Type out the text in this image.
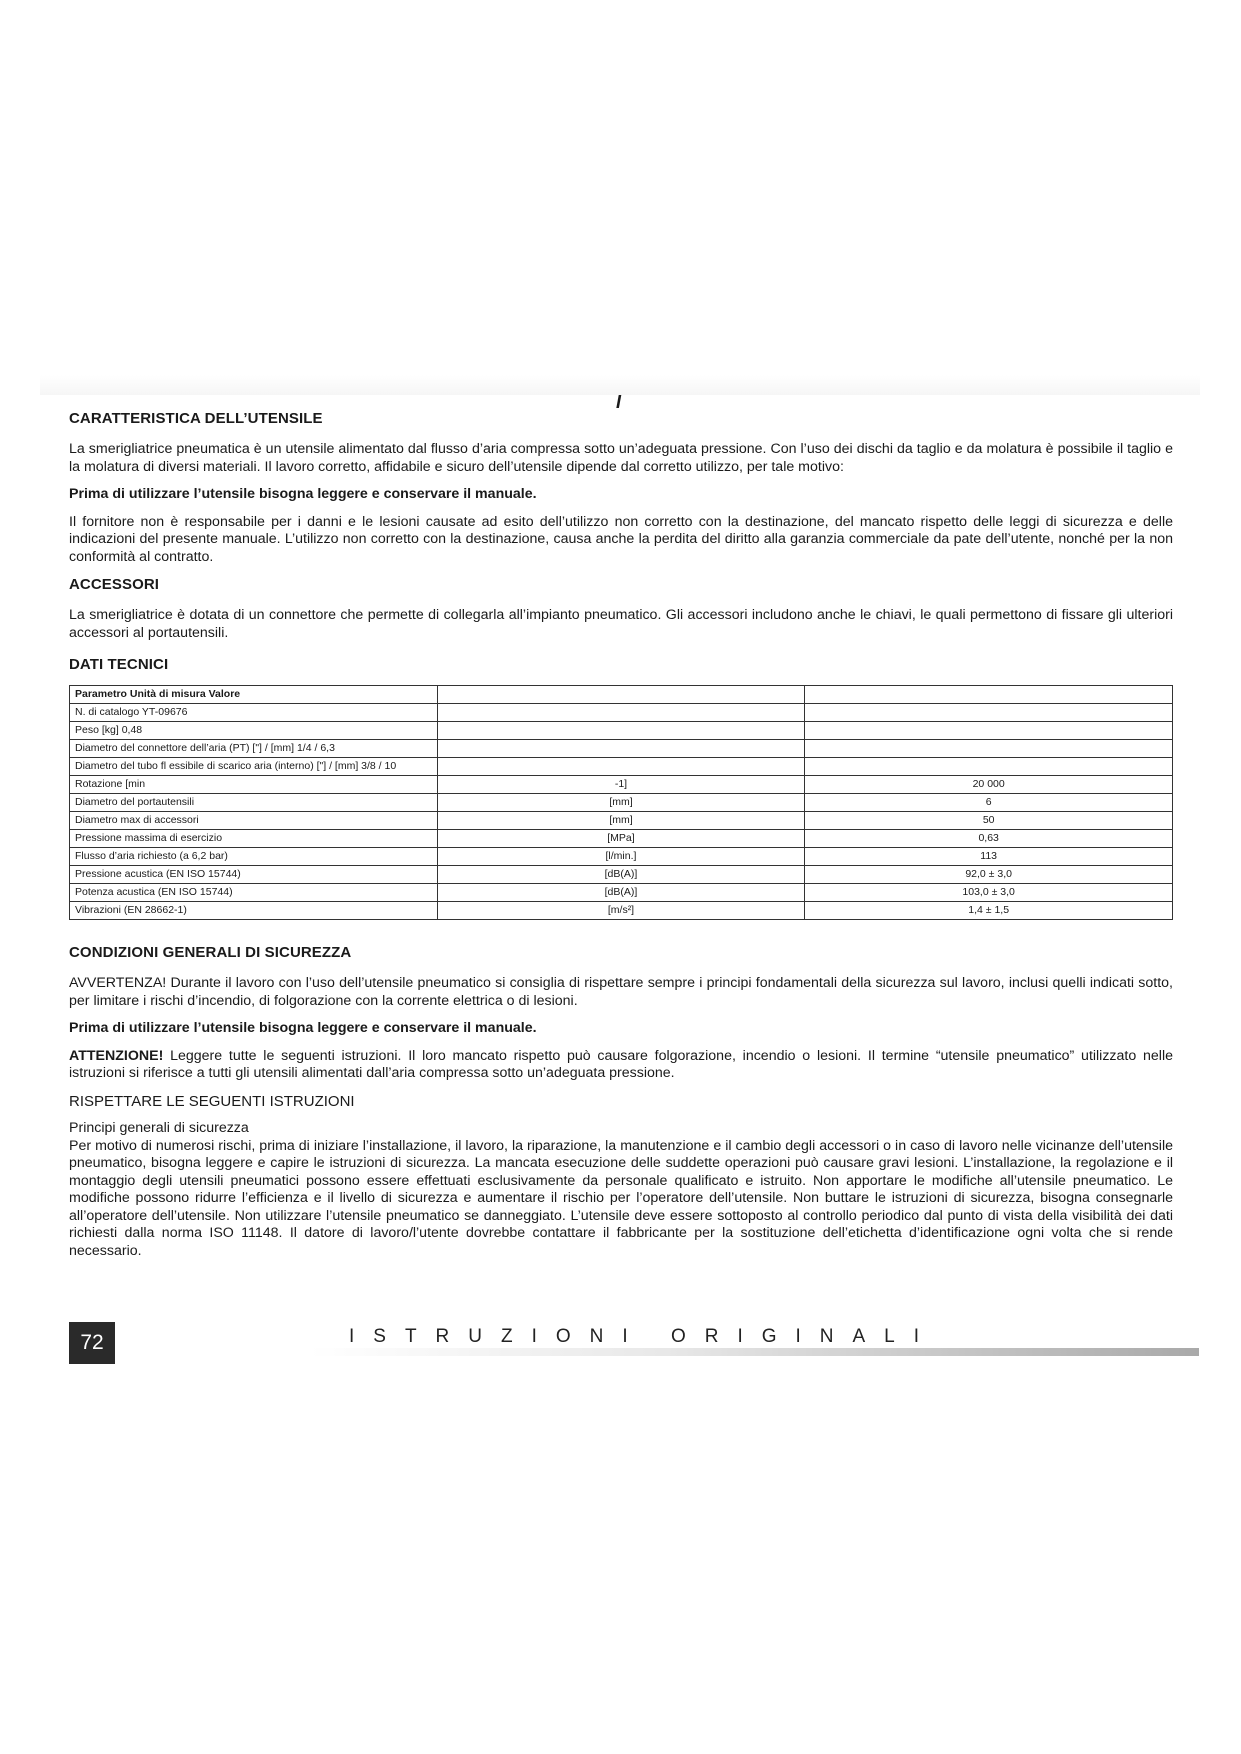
I
CARATTERISTICA DELL’UTENSILE

La smerigliatrice pneumatica è un utensile alimentato dal flusso d’aria compressa sotto un’adeguata pressione. Con l’uso dei dischi da taglio e da molatura è possibile il taglio e la molatura di diversi materiali. Il lavoro corretto, affidabile e sicuro dell’utensile dipende dal corretto utilizzo, per tale motivo:

Prima di utilizzare l’utensile bisogna leggere e conservare il manuale.

Il fornitore non è responsabile per i danni e le lesioni causate ad esito dell’utilizzo non corretto con la destinazione, del mancato rispetto delle leggi di sicurezza e delle indicazioni del presente manuale. L’utilizzo non corretto con la destinazione, causa anche la perdita del diritto alla garanzia commerciale da pate dell’utente, nonché per la non conformità al contratto.

ACCESSORI

La smerigliatrice è dotata di un connettore che permette di collegarla all’impianto pneumatico. Gli accessori includono anche le chiavi, le quali permettono di fissare gli ulteriori accessori al portautensili.

DATI TECNICI
Parametro Unità di misura Valore		
N. di catalogo YT-09676		
Peso [kg] 0,48		
Diametro del connettore dell’aria (PT) ["] / [mm] 1/4 / 6,3		
Diametro del tubo fl essibile di scarico aria (interno) ["] / [mm] 3/8 / 10		
Rotazione [min	-1]	20 000
Diametro del portautensili	[mm]	6
Diametro max di accessori	[mm]	50
Pressione massima di esercizio	[MPa]	0,63
Flusso d’aria richiesto (a 6,2 bar)	[l/min.]	113
Pressione acustica (EN ISO 15744)	[dB(A)]	92,0 ± 3,0
Potenza acustica (EN ISO 15744)	[dB(A)]	103,0 ± 3,0
Vibrazioni (EN 28662-1)	[m/s²]	1,4 ± 1,5
CONDIZIONI GENERALI DI SICUREZZA

AVVERTENZA! Durante il lavoro con l’uso dell’utensile pneumatico si consiglia di rispettare sempre i principi fondamentali della sicurezza sul lavoro, inclusi quelli indicati sotto, per limitare i rischi d’incendio, di folgorazione con la corrente elettrica o di lesioni.

Prima di utilizzare l’utensile bisogna leggere e conservare il manuale.

ATTENZIONE! Leggere tutte le seguenti istruzioni. Il loro mancato rispetto può causare folgorazione, incendio o lesioni. Il termine “utensile pneumatico” utilizzato nelle istruzioni si riferisce a tutti gli utensili alimentati dall’aria compressa sotto un’adeguata pressione.

RISPETTARE LE SEGUENTI ISTRUZIONI

Principi generali di sicurezza

Per motivo di numerosi rischi, prima di iniziare l’installazione, il lavoro, la riparazione, la manutenzione e il cambio degli accessori o in caso di lavoro nelle vicinanze dell’utensile pneumatico, bisogna leggere e capire le istruzioni di sicurezza. La mancata esecuzione delle suddette operazioni può causare gravi lesioni. L’installazione, la regolazione e il montaggio degli utensili pneumatici possono essere effettuati esclusivamente da personale qualificato e istruito. Non apportare le modifiche all’utensile pneumatico. Le modifiche possono ridurre l’efficienza e il livello di sicurezza e aumentare il rischio per l’operatore dell’utensile. Non buttare le istruzioni di sicurezza, bisogna consegnarle all’operatore dell’utensile. Non utilizzare l’utensile pneumatico se danneggiato. L’utensile deve essere sottoposto al controllo periodico dal punto di vista della visibilità dei dati richiesti dalla norma ISO 11148. Il datore di lavoro/l’utente dovrebbe contattare il fabbricante per la sostituzione dell’etichetta d’identificazione ogni volta che si rende necessario.

72	ISTRUZIONI ORIGINALI
